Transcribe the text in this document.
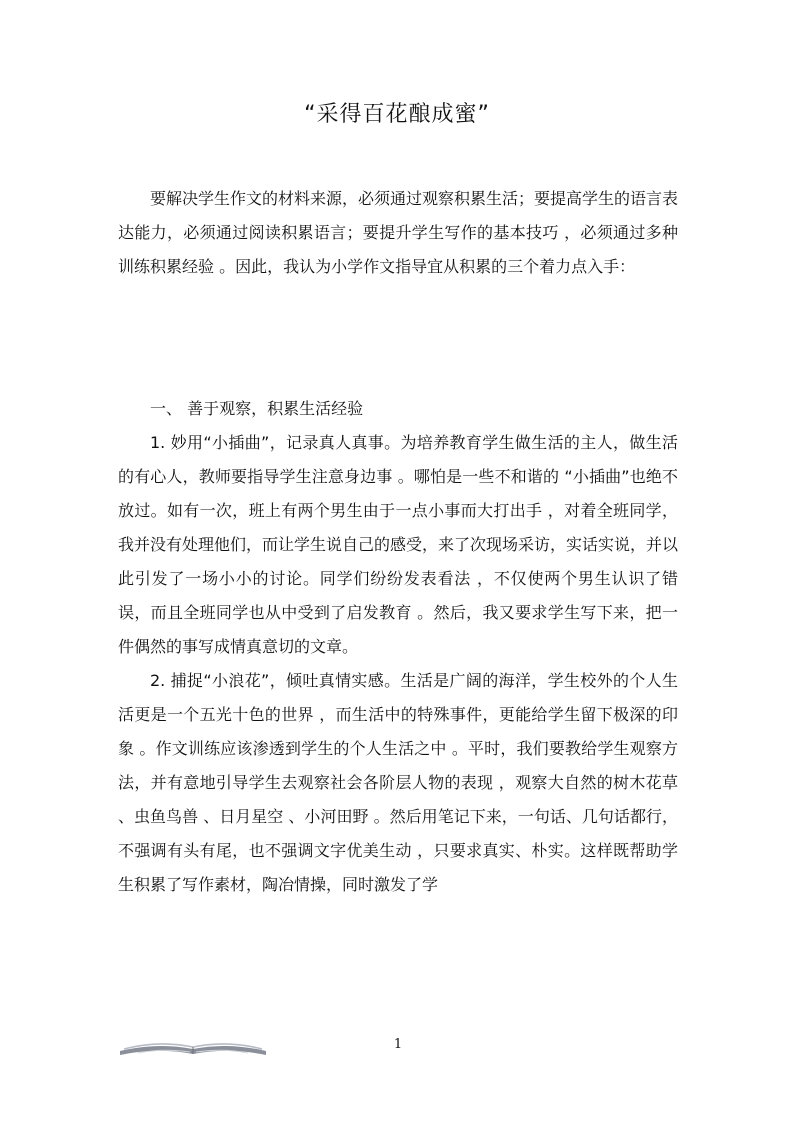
“采得百花酿成蜜”

要解决学生作文的材料来源，必须通过观察积累生活；要提高学生的语言表达能力，必须通过阅读积累语言；要提升学生写作的基本技巧 ，必须通过多种训练积累经验 。因此，我认为小学作文指导宜从积累的三个着力点入手：

一、 善于观察，积累生活经验

1. 妙用“小插曲”，记录真人真事。为培养教育学生做生活的主人，做生活的有心人，教师要指导学生注意身边事 。哪怕是一些不和谐的 “小插曲”也绝不放过。如有一次，班上有两个男生由于一点小事而大打出手 ，对着全班同学，我并没有处理他们，而让学生说自己的感受，来了次现场采访，实话实说，并以此引发了一场小小的讨论。同学们纷纷发表看法 ，不仅使两个男生认识了错误，而且全班同学也从中受到了启发教育 。然后，我又要求学生写下来，把一件偶然的事写成情真意切的文章。

2. 捕捉“小浪花”，倾吐真情实感。生活是广阔的海洋，学生校外的个人生活更是一个五光十色的世界 ，而生活中的特殊事件，更能给学生留下极深的印象 。作文训练应该渗透到学生的个人生活之中 。平时，我们要教给学生观察方法，并有意地引导学生去观察社会各阶层人物的表现 ，观察大自然的树木花草 、虫鱼鸟兽 、日月星空 、小河田野 。然后用笔记下来，一句话、几句话都行，不强调有头有尾，也不强调文字优美生动 ，只要求真实、朴实。这样既帮助学生积累了写作素材，陶冶情操，同时激发了学

1
